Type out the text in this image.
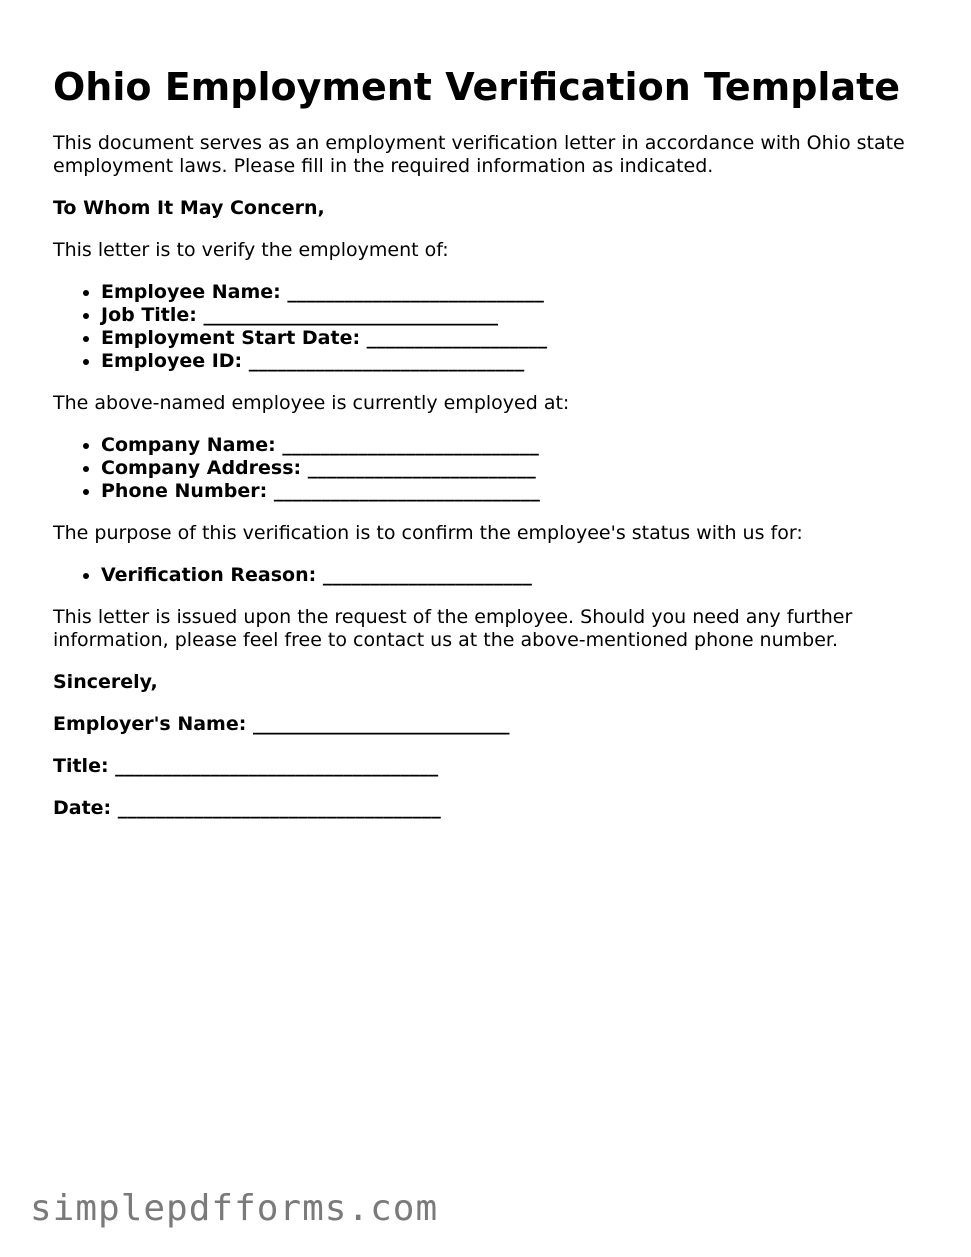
Ohio Employment Verification Template

This document serves as an employment verification letter in accordance with Ohio state employment laws. Please fill in the required information as indicated.

To Whom It May Concern,

This letter is to verify the employment of:

• Employee Name: ___________________________
• Job Title: _______________________________
• Employment Start Date: ___________________
• Employee ID: _____________________________

The above-named employee is currently employed at:

• Company Name: ___________________________
• Company Address: ________________________
• Phone Number: ____________________________

The purpose of this verification is to confirm the employee's status with us for:

• Verification Reason: ______________________

This letter is issued upon the request of the employee. Should you need any further information, please feel free to contact us at the above-mentioned phone number.

Sincerely,

Employer's Name: ___________________________
Title: __________________________________
Date: __________________________________
simplepdfforms.com
